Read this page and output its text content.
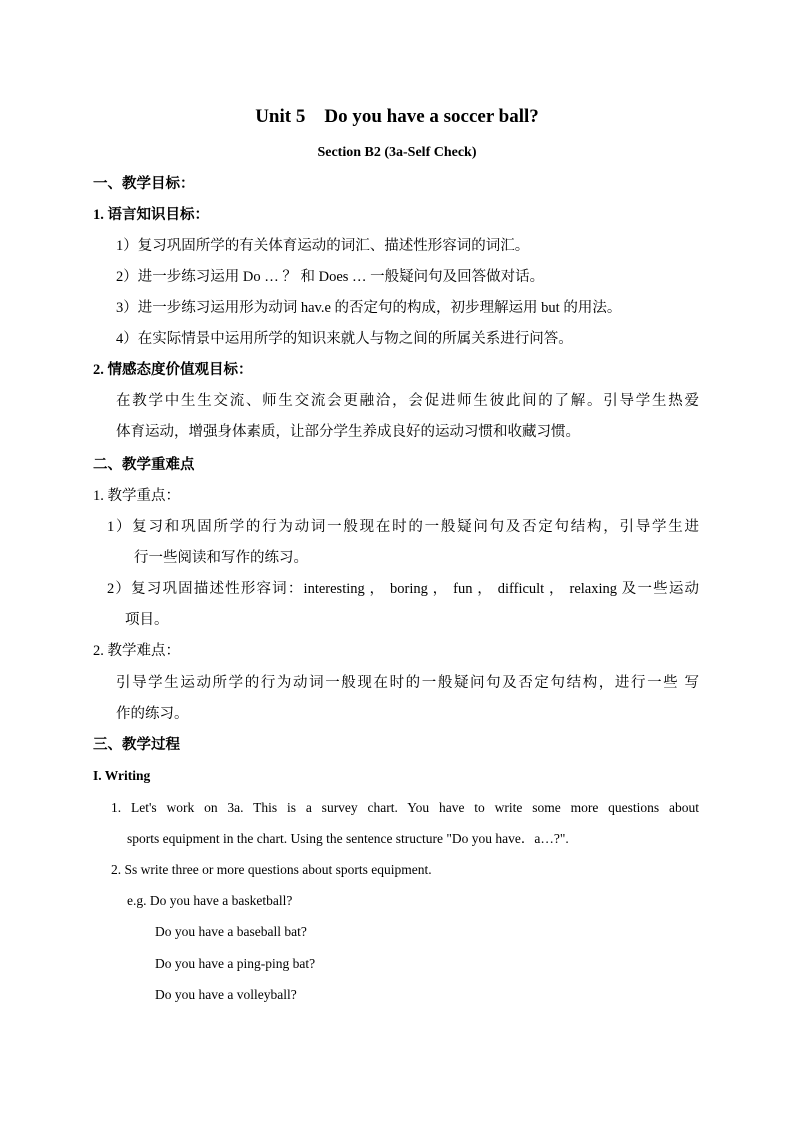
Unit 5    Do you have a soccer ball?
Section B2 (3a-Self Check)
一、教学目标：
1. 语言知识目标：
1）复习巩固所学的有关体育运动的词汇、描述性形容词的词汇。
2）进一步练习运用 Do … ？ 和 Does … 一般疑问句及回答做对话。
3）进一步练习运用形为动词 hav.e 的否定句的构成，初步理解运用 but 的用法。
4）在实际情景中运用所学的知识来就人与物之间的所属关系进行问答。
2. 情感态度价值观目标：
在教学中生生交流、师生交流会更融洽，会促进师生彼此间的了解。引导学生热爱
体育运动，增强身体素质，让部分学生养成良好的运动习惯和收藏习惯。
二、教学重难点
1. 教学重点：
1）复习和巩固所学的行为动词一般现在时的一般疑问句及否定句结构，引导学生进
行一些阅读和写作的练习。
2）复习巩固描述性形容词：interesting ， boring ， fun ， difficult ， relaxing 及一些运动
项目。
2. 教学难点：
引导学生运动所学的行为动词一般现在时的一般疑问句及否定句结构，进行一些 写
作的练习。
三、教学过程
I. Writing
1. Let's work on 3a. This is a survey chart. You have to write some more questions about
sports equipment in the chart. Using the sentence structure "Do you have．a…?".
2. Ss write three or more questions about sports equipment.
e.g. Do you have a basketball?
Do you have a baseball bat?
Do you have a ping-ping bat?
Do you have a volleyball?
